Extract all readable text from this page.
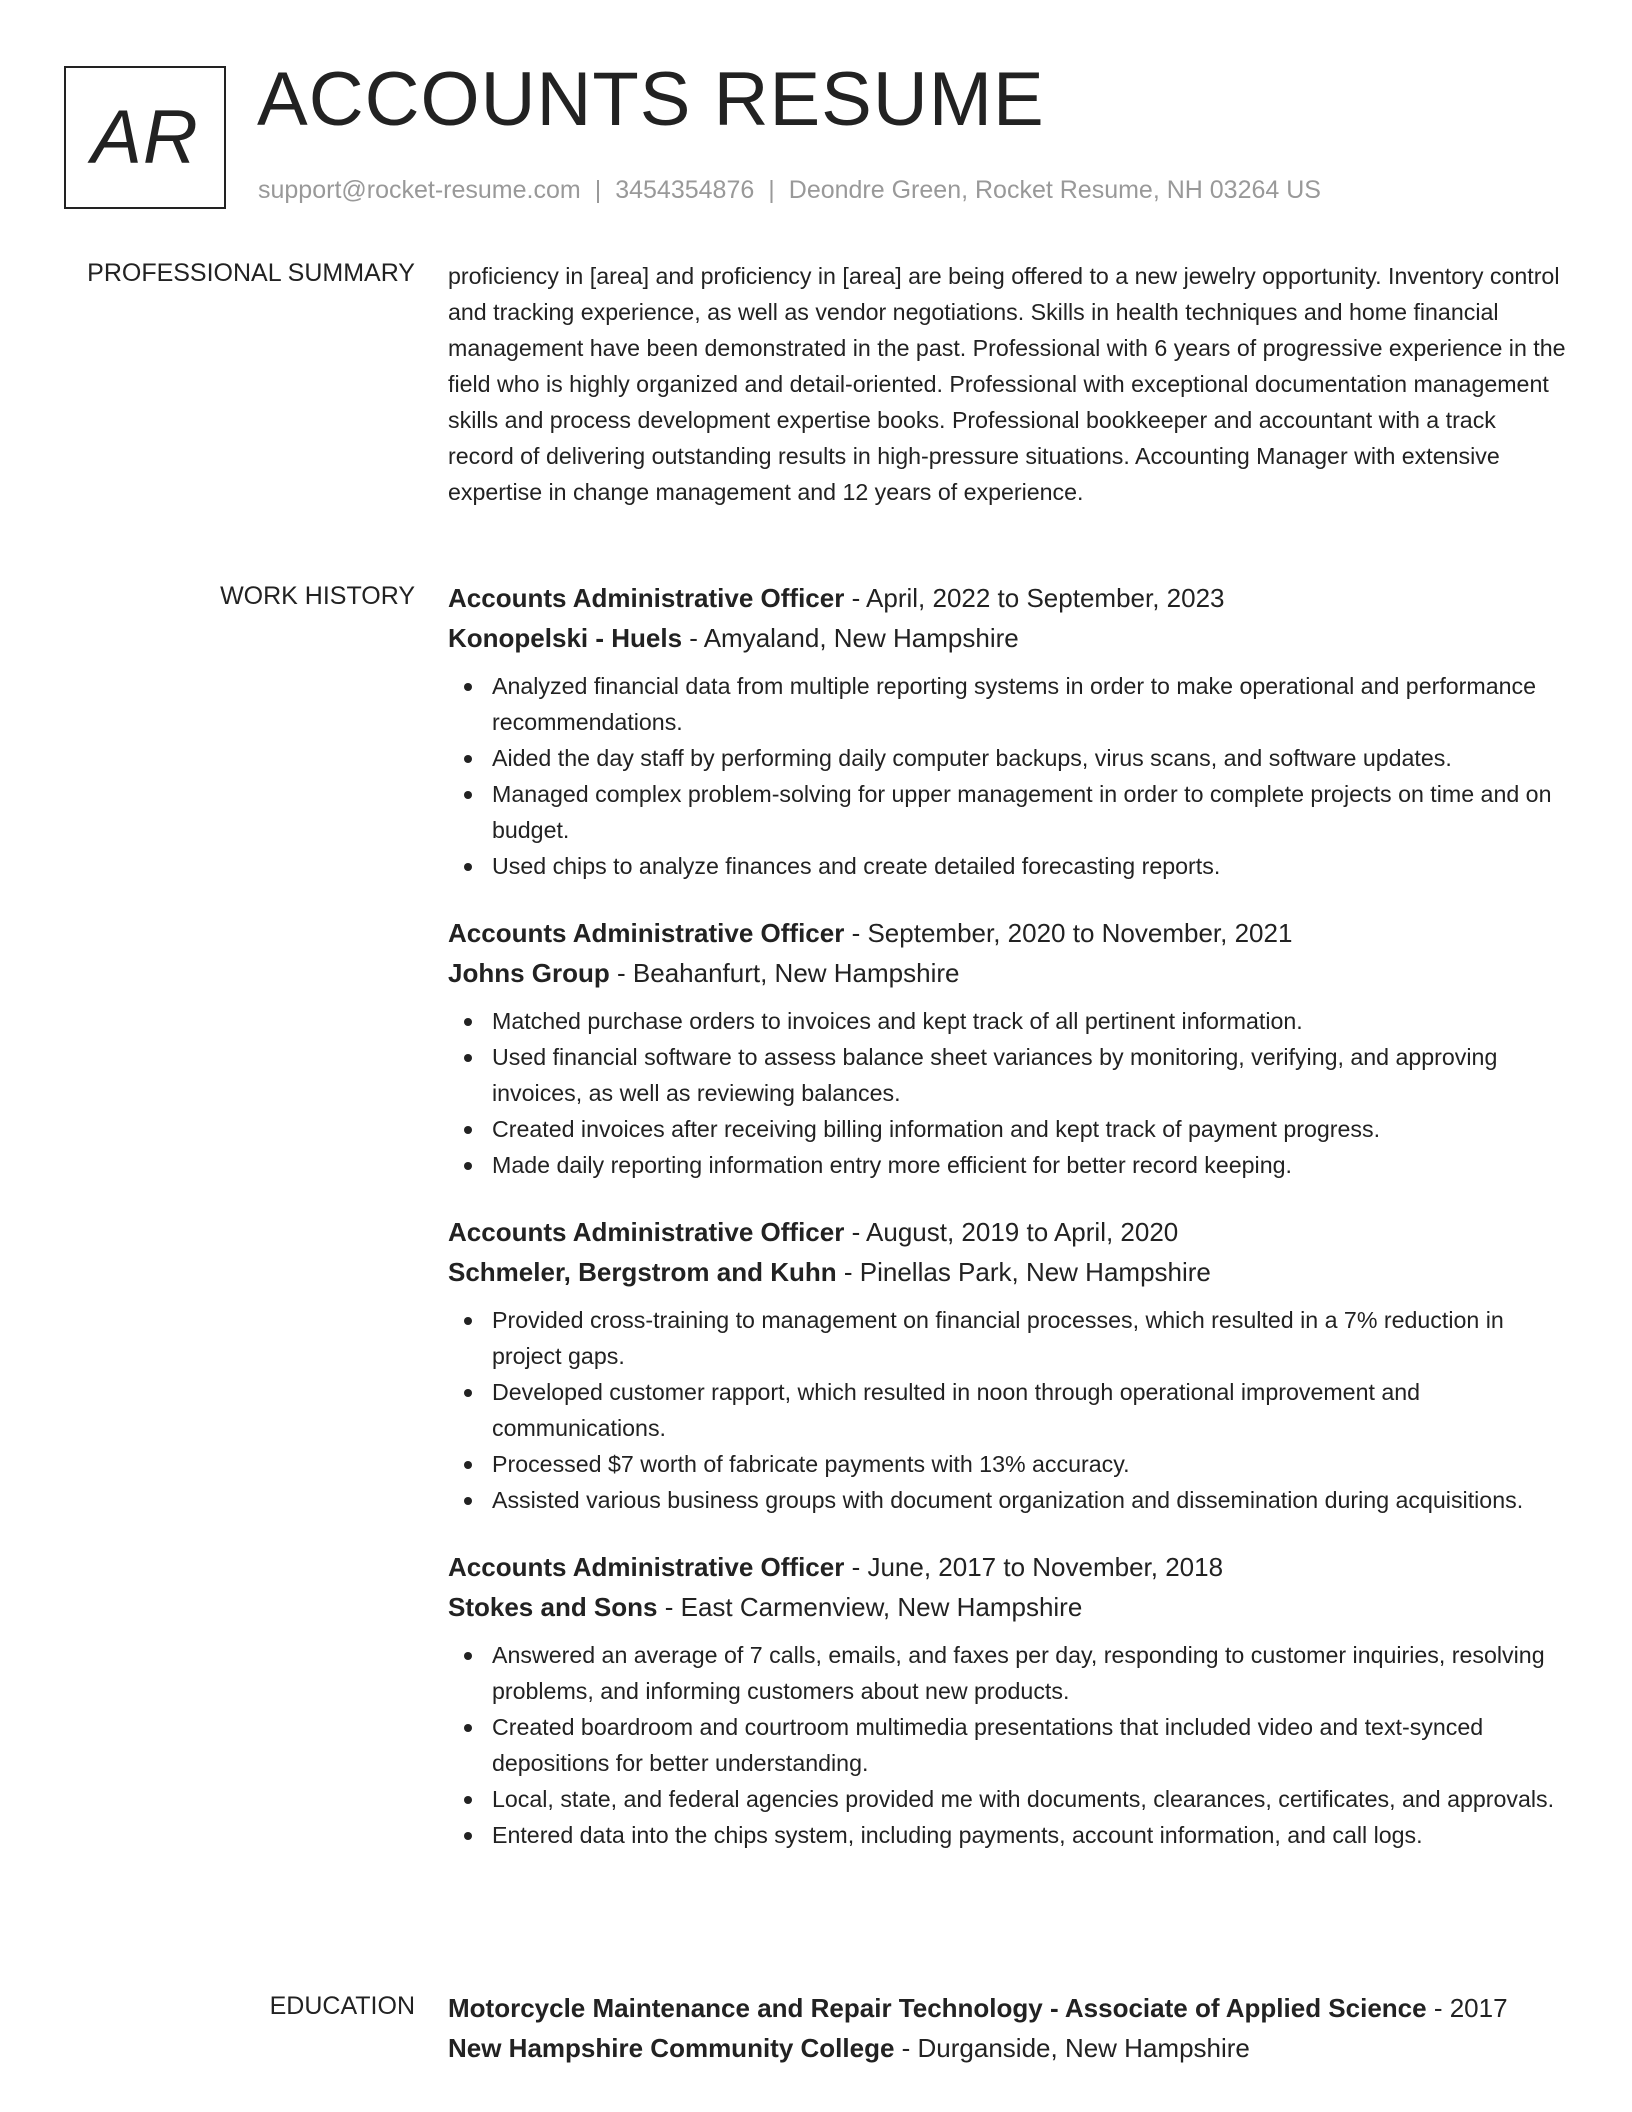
AR ACCOUNTS RESUME
support@rocket-resume.com | 3454354876 | Deondre Green, Rocket Resume, NH 03264 US
PROFESSIONAL SUMMARY proficiency in [area] and proficiency in [area] are being offered to a new jewelry opportunity. Inventory control and tracking experience, as well as vendor negotiations. Skills in health techniques and home financial management have been demonstrated in the past. Professional with 6 years of progressive experience in the field who is highly organized and detail-oriented. Professional with exceptional documentation management skills and process development expertise books. Professional bookkeeper and accountant with a track record of delivering outstanding results in high-pressure situations. Accounting Manager with extensive expertise in change management and 12 years of experience.

WORK HISTORY Accounts Administrative Officer - April, 2022 to September, 2023
Konopelski - Huels - Amyaland, New Hampshire
Analyzed financial data from multiple reporting systems in order to make operational and performance recommendations.
Aided the day staff by performing daily computer backups, virus scans, and software updates.
Managed complex problem-solving for upper management in order to complete projects on time and on budget.
Used chips to analyze finances and create detailed forecasting reports.
Accounts Administrative Officer - September, 2020 to November, 2021
Johns Group - Beahanfurt, New Hampshire
Matched purchase orders to invoices and kept track of all pertinent information.
Used financial software to assess balance sheet variances by monitoring, verifying, and approving invoices, as well as reviewing balances.
Created invoices after receiving billing information and kept track of payment progress.
Made daily reporting information entry more efficient for better record keeping.
Accounts Administrative Officer - August, 2019 to April, 2020
Schmeler, Bergstrom and Kuhn - Pinellas Park, New Hampshire
Provided cross-training to management on financial processes, which resulted in a 7% reduction in project gaps.
Developed customer rapport, which resulted in noon through operational improvement and communications.
Processed $7 worth of fabricate payments with 13% accuracy.
Assisted various business groups with document organization and dissemination during acquisitions.
Accounts Administrative Officer - June, 2017 to November, 2018
Stokes and Sons - East Carmenview, New Hampshire
Answered an average of 7 calls, emails, and faxes per day, responding to customer inquiries, resolving problems, and informing customers about new products.
Created boardroom and courtroom multimedia presentations that included video and text-synced depositions for better understanding.
Local, state, and federal agencies provided me with documents, clearances, certificates, and approvals.
Entered data into the chips system, including payments, account information, and call logs.
EDUCATION Motorcycle Maintenance and Repair Technology - Associate of Applied Science - 2017
New Hampshire Community College - Durganside, New Hampshire
